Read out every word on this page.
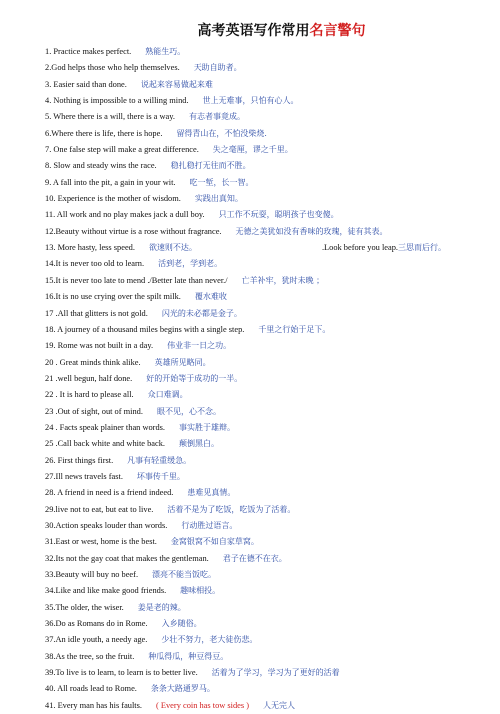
高考英语写作常用名言警句
1. Practice makes perfect. 熟能生巧。
2.God helps those who help themselves. 天助自助者。
3. Easier said than done. 说起来容易做起来难
4. Nothing is impossible to a willing mind. 世上无难事，只怕有心人。
5. Where there is a will, there is a way. 有志者事竟成。
6.Where there is life, there is hope. 留得青山在，不怕没柴烧.
7. One false step will make a great difference. 失之毫厘，谬之千里。
8. Slow and steady wins the race. 稳扎稳打无往而不胜。
9. A fall into the pit, a gain in your wit. 吃一堑，长一智。
10. Experience is the mother of wisdom. 实践出真知。
11. All work and no play makes jack a dull boy. 只工作不玩耍，聪明孩子也变傻。
12.Beauty without virtue is a rose without fragrance. 无德之美犹如没有香味的玫瑰，徒有其表。
13. More hasty, less speed. 欲速则不达。	.Look before you leap.三思而后行。
14.It is never too old to learn. 活到老，学到老。
15.It is never too late to mend ./Better late than never./ 亡羊补牢，犹时未晚 ；
16.It is no use crying over the spilt milk. 覆水难收
17 .All that glitters is not gold. 闪光的未必都是金子。
18. A journey of a thousand miles begins with a single step. 千里之行始于足下。
19. Rome was not built in a day. 伟业非一日之功。
20 . Great minds think alike. 英雄所见略同。
21 .well begun, half done. 好的开始等于成功的一半。
22 . It is hard to please all. 众口难调。
23 .Out of sight, out of mind. 眼不见，心不念。
24 . Facts speak plainer than words. 事实胜于雄辩。
25 .Call back white and white back. 颠倒黑白。
26. First things first. 凡事有轻重缓急。
27.Ill news travels fast. 坏事传千里。
28. A friend in need is a friend indeed. 患难见真情。
29.live not to eat, but eat to live. 活着不是为了吃饭，吃饭为了活着。
30.Action speaks louder than words. 行动胜过语言。
31.East or west, home is the best. 金窝银窝不如自家草窝。
32.Its not the gay coat that makes the gentleman. 君子在德不在衣。
33.Beauty will buy no beef. 漂亮不能当饭吃。
34.Like and like make good friends. 趣味相投。
35.The older, the wiser. 姜是老的辣。
36.Do as Romans do in Rome. 入乡随俗。
37.An idle youth, a needy age. 少壮不努力，老大徒伤悲。
38.As the tree, so the fruit. 种瓜得瓜，种豆得豆。
39.To live is to learn, to learn is to better live. 活着为了学习，学习为了更好的活着
40. All roads lead to Rome. 条条大路通罗马。
41. Every man has his faults. ( Every coin has tow sides ) 人无完人
